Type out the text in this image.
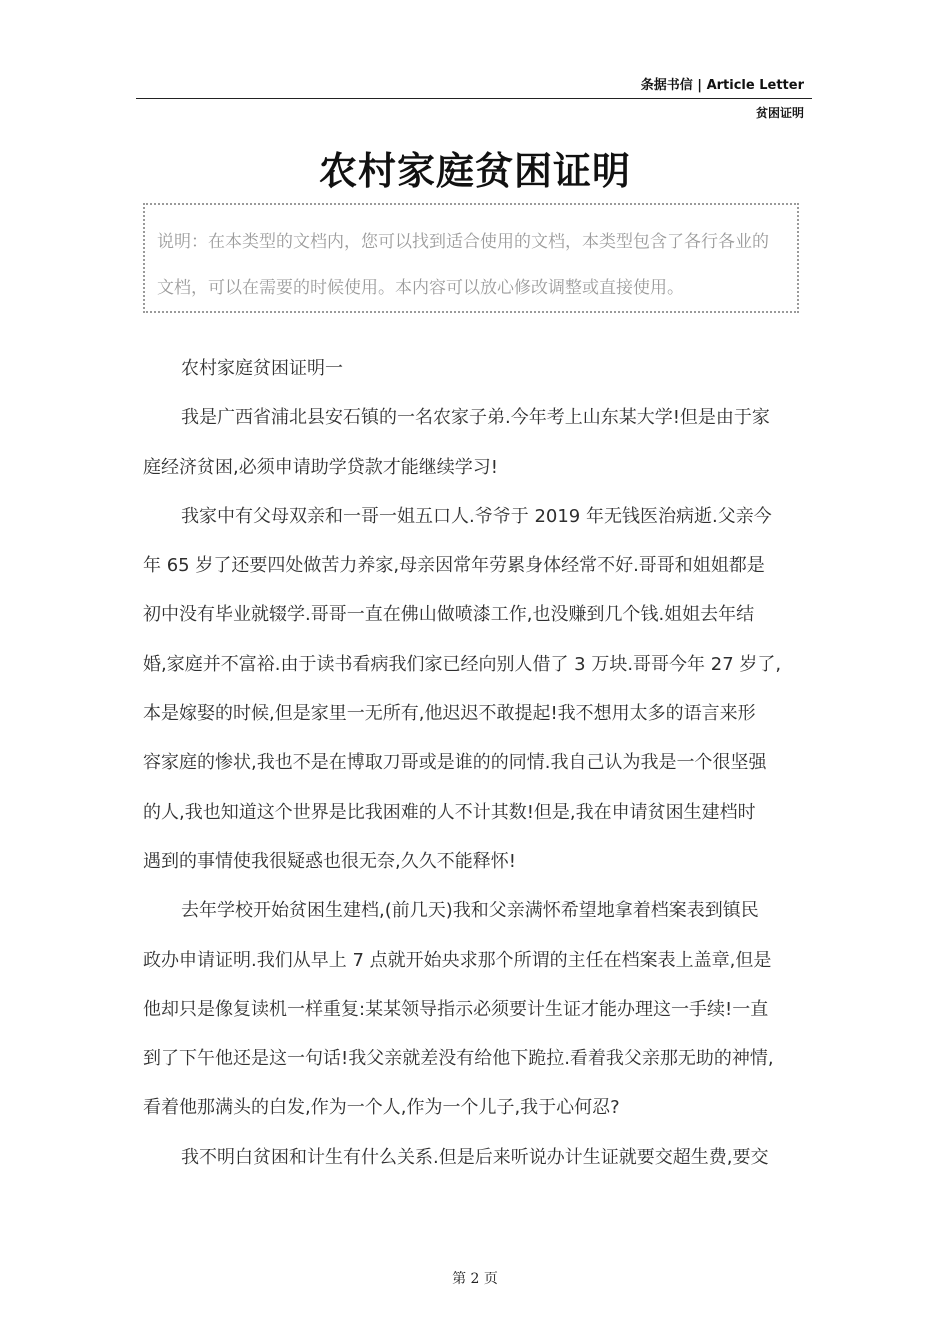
条据书信 | Article Letter
贫困证明
农村家庭贫困证明
说明：在本类型的文档内，您可以找到适合使用的文档，本类型包含了各行各业的
文档，可以在需要的时候使用。本内容可以放心修改调整或直接使用。

农村家庭贫困证明一

我是广西省浦北县安石镇的一名农家子弟.今年考上山东某大学!但是由于家
庭经济贫困,必须申请助学贷款才能继续学习!

我家中有父母双亲和一哥一姐五口人.爷爷于 2019 年无钱医治病逝.父亲今
年 65 岁了还要四处做苦力养家,母亲因常年劳累身体经常不好.哥哥和姐姐都是
初中没有毕业就辍学.哥哥一直在佛山做喷漆工作,也没赚到几个钱.姐姐去年结
婚,家庭并不富裕.由于读书看病我们家已经向别人借了 3 万块.哥哥今年 27 岁了,
本是嫁娶的时候,但是家里一无所有,他迟迟不敢提起!我不想用太多的语言来形
容家庭的惨状,我也不是在博取刀哥或是谁的的同情.我自己认为我是一个很坚强
的人,我也知道这个世界是比我困难的人不计其数!但是,我在申请贫困生建档时
遇到的事情使我很疑惑也很无奈,久久不能释怀!

去年学校开始贫困生建档,(前几天)我和父亲满怀希望地拿着档案表到镇民
政办申请证明.我们从早上 7 点就开始央求那个所谓的主任在档案表上盖章,但是
他却只是像复读机一样重复:某某领导指示必须要计生证才能办理这一手续!一直
到了下午他还是这一句话!我父亲就差没有给他下跪拉.看着我父亲那无助的神情,
看着他那满头的白发,作为一个人,作为一个儿子,我于心何忍?

我不明白贫困和计生有什么关系.但是后来听说办计生证就要交超生费,要交

第 2 页
